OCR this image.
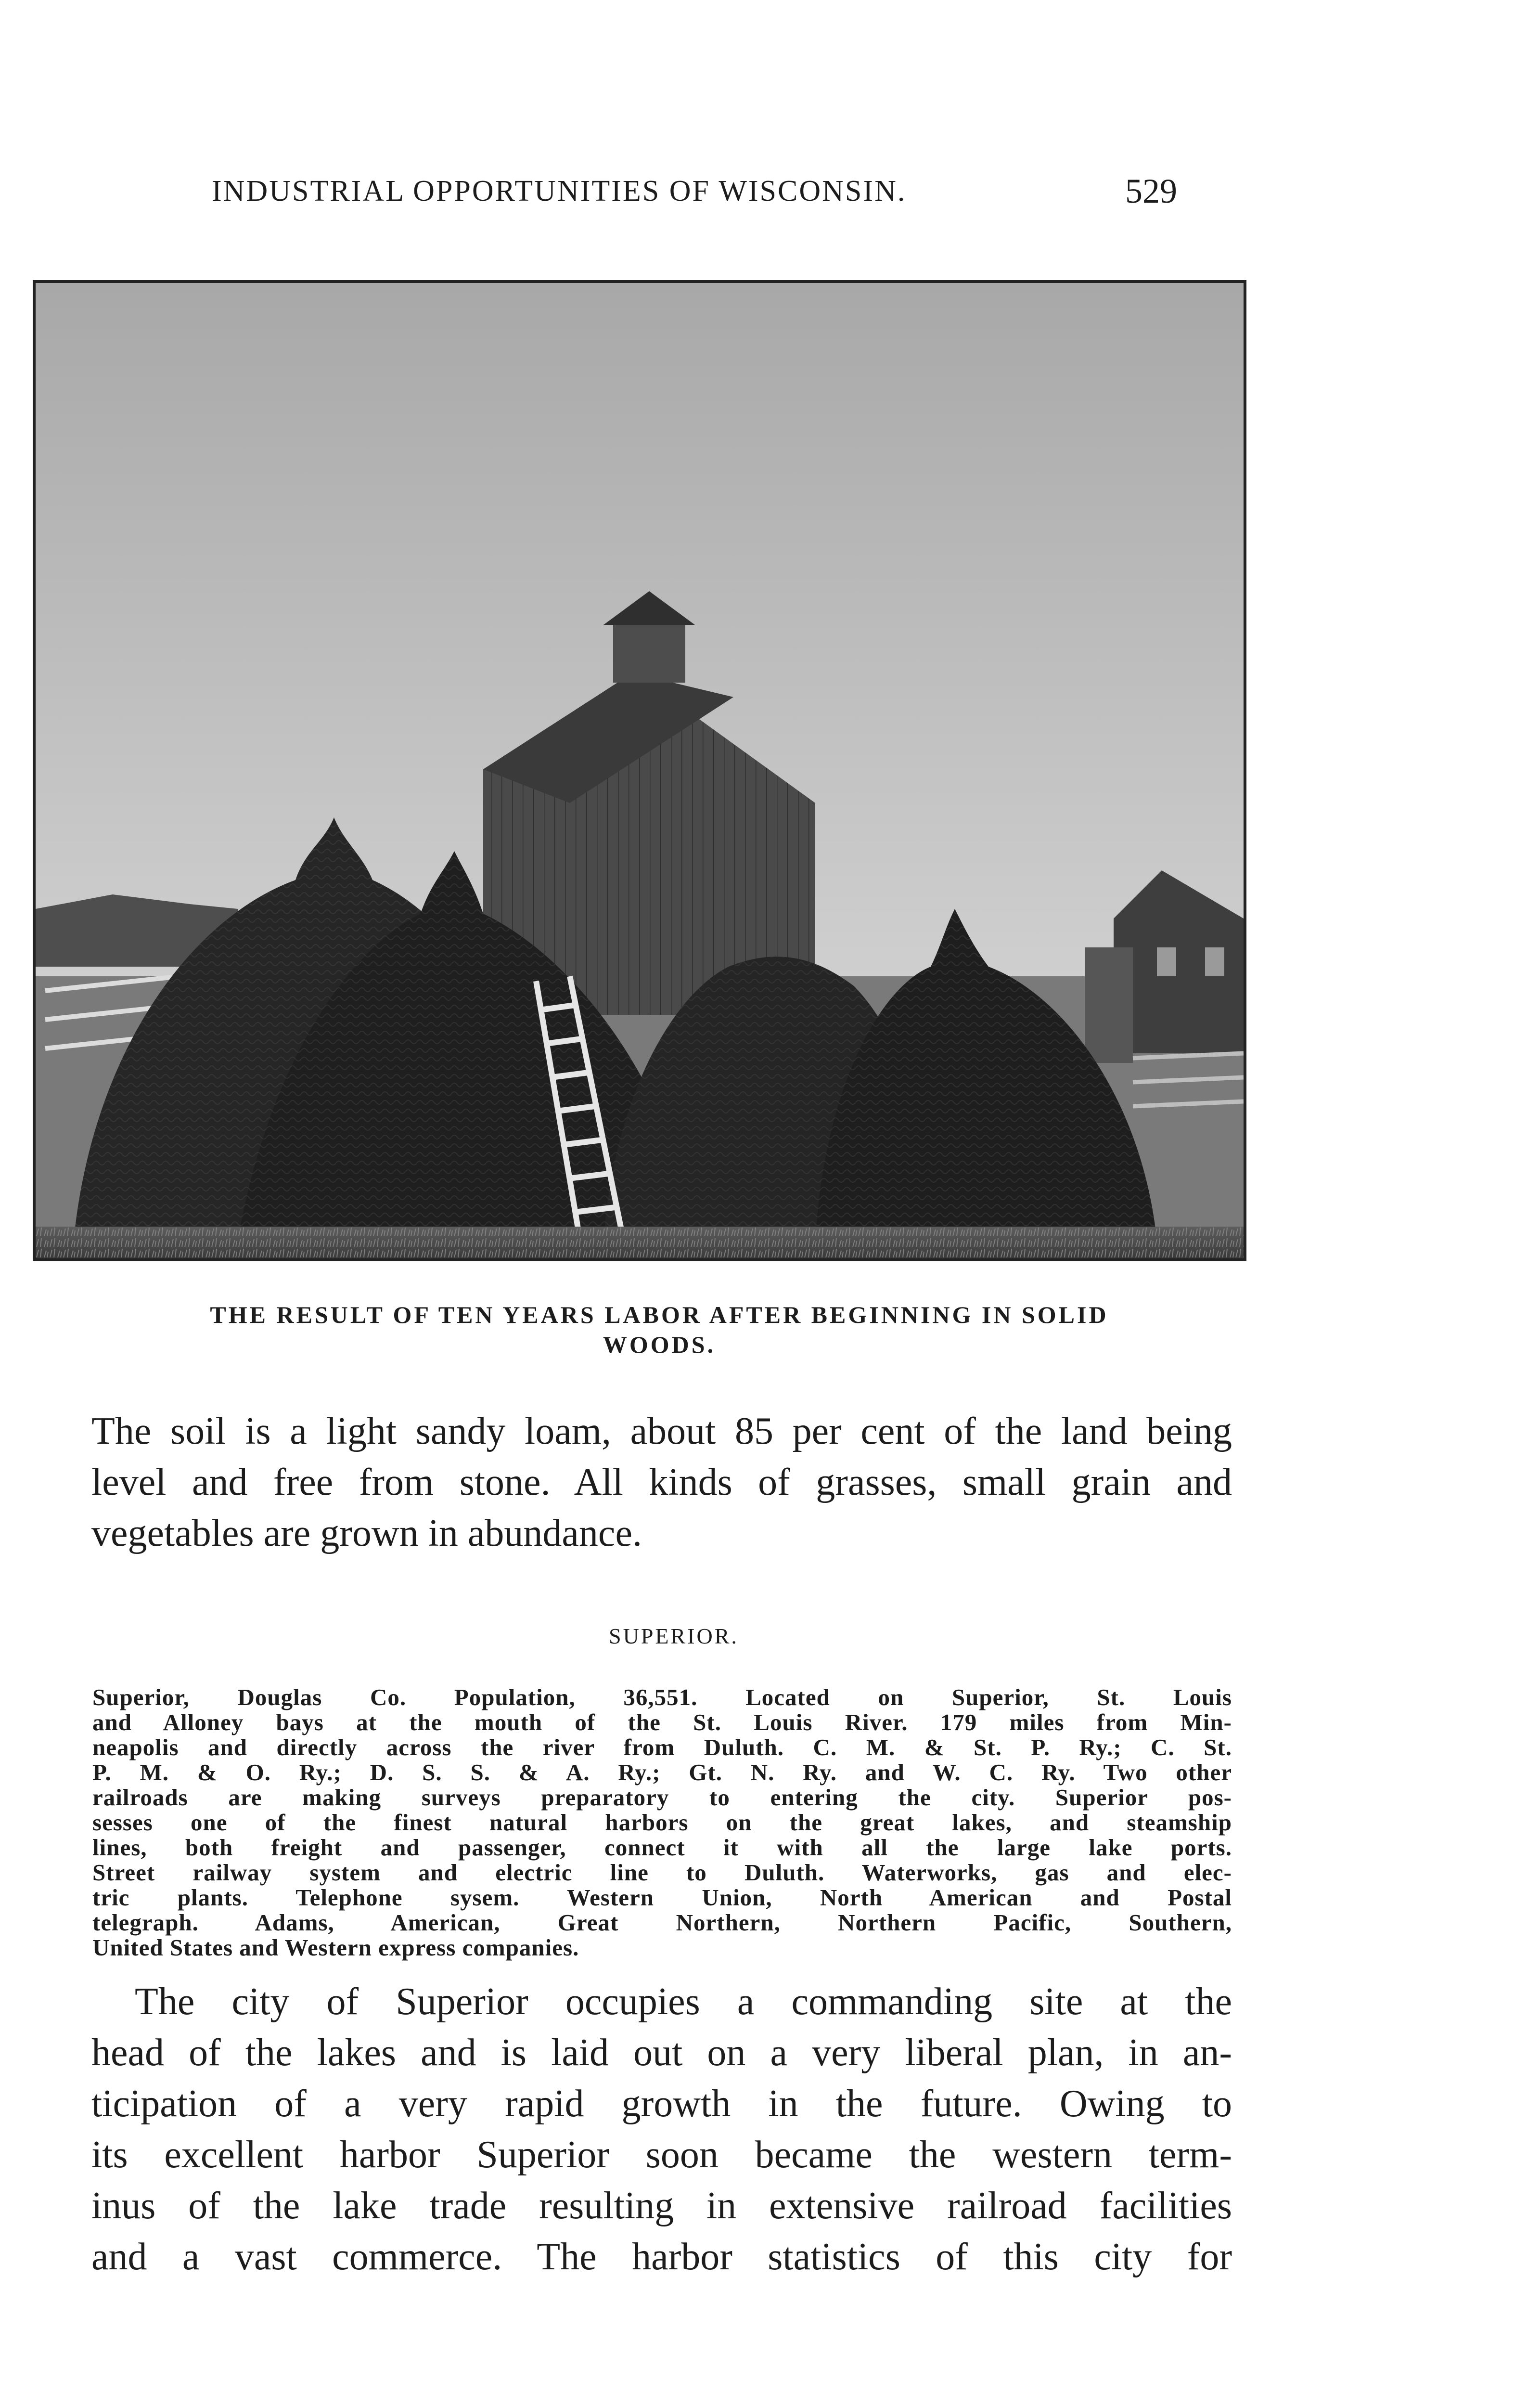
INDUSTRIAL OPPORTUNITIES OF WISCONSIN.	529
THE RESULT OF TEN YEARS LABOR AFTER BEGINNING IN SOLID
WOODS.
The soil is a light sandy loam, about 85 per cent of the land being
level and free from stone. All kinds of grasses, small grain and
vegetables are grown in abundance.
SUPERIOR.
Superior, Douglas Co. Population, 36,551. Located on Superior, St. Louis
and Alloney bays at the mouth of the St. Louis River. 179 miles from Min-
neapolis and directly across the river from Duluth. C. M. & St. P. Ry.; C. St.
P. M. & O. Ry.; D. S. S. & A. Ry.; Gt. N. Ry. and W. C. Ry. Two other
railroads are making surveys preparatory to entering the city. Superior pos-
sesses one of the finest natural harbors on the great lakes, and steamship
lines, both freight and passenger, connect it with all the large lake ports.
Street railway system and electric line to Duluth. Waterworks, gas and elec-
tric plants. Telephone sysem. Western Union, North American and Postal
telegraph. Adams, American, Great Northern, Northern Pacific, Southern,
United States and Western express companies.
The city of Superior occupies a commanding site at the
head of the lakes and is laid out on a very liberal plan, in an-
ticipation of a very rapid growth in the future. Owing to
its excellent harbor Superior soon became the western term-
inus of the lake trade resulting in extensive railroad facilities
and a vast commerce. The harbor statistics of this city for
